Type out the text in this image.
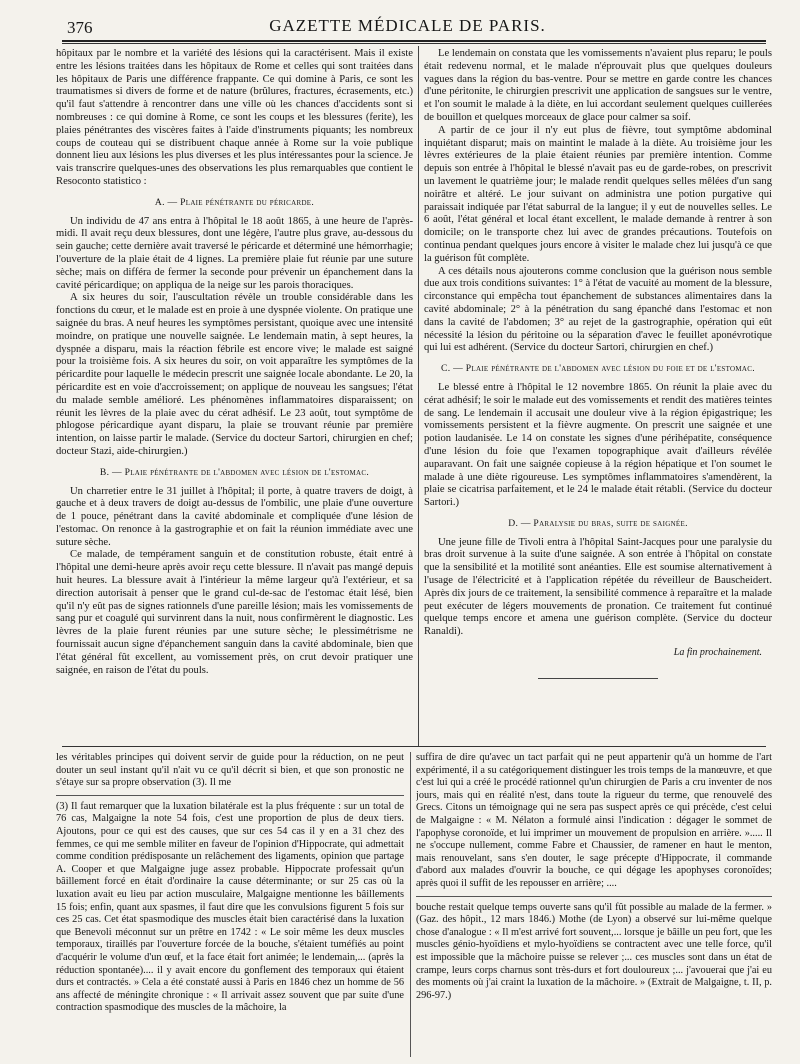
376	GAZETTE MÉDICALE DE PARIS.

hôpitaux par le nombre et la variété des lésions qui la caractérisent. Mais il existe entre les lésions traitées dans les hôpitaux de Rome et celles qui sont traitées dans les hôpitaux de Paris une différence frappante. Ce qui domine à Paris, ce sont les traumatismes si divers de forme et de nature (brûlures, fractures, écrasements, etc.) qu'il faut s'attendre à rencontrer dans une ville où les chances d'accidents sont si nombreuses : ce qui domine à Rome, ce sont les coups et les blessures (ferite), les plaies pénétrantes des viscères faites à l'aide d'instruments piquants; les nombreux coups de couteau qui se distribuent chaque année à Rome sur la voie publique donnent lieu aux lésions les plus diverses et les plus intéressantes pour la science. Je vais transcrire quelques-unes des observations les plus remarquables que contient le Resoconto statistico :

A. — Plaie pénétrante du péricarde.

Un individu de 47 ans entra à l'hôpital le 18 août 1865, à une heure de l'après-midi. Il avait reçu deux blessures, dont une légère, l'autre plus grave, au-dessous du sein gauche; cette dernière avait traversé le péricarde et déterminé une hémorrhagie; l'ouverture de la plaie était de 4 lignes. La première plaie fut réunie par une suture sèche; mais on différa de fermer la seconde pour prévenir un épanchement dans la cavité péricardique; on appliqua de la neige sur les parois thoraciques.

A six heures du soir, l'auscultation révèle un trouble considérable dans les fonctions du cœur, et le malade est en proie à une dyspnée violente. On pratique une saignée du bras. A neuf heures les symptômes persistant, quoique avec une intensité moindre, on pratique une nouvelle saignée. Le lendemain matin, à sept heures, la dyspnée a disparu, mais la réaction fébrile est encore vive; le malade est saigné pour la troisième fois. A six heures du soir, on voit apparaître les symptômes de la péricardite pour laquelle le médecin prescrit une saignée locale abondante. Le 20, la péricardite est en voie d'accroissement; on applique de nouveau les sangsues; l'état du malade semble amélioré. Les phénomènes inflammatoires disparaissent; on réunit les lèvres de la plaie avec du cérat adhésif. Le 23 août, tout symptôme de phlogose péricardique ayant disparu, la plaie se trouvant réunie par première intention, on laisse partir le malade. (Service du docteur Sartori, chirurgien en chef; docteur Stazi, aide-chirurgien.)

B. — Plaie pénétrante de l'abdomen avec lésion de l'estomac.

Un charretier entre le 31 juillet à l'hôpital; il porte, à quatre travers de doigt, à gauche et à deux travers de doigt au-dessus de l'ombilic, une plaie d'une ouverture de 1 pouce, pénétrant dans la cavité abdominale et compliquée d'une lésion de l'estomac. On renonce à la gastrographie et on fait la réunion immédiate avec une suture sèche.

Ce malade, de tempérament sanguin et de constitution robuste, était entré à l'hôpital une demi-heure après avoir reçu cette blessure. Il n'avait pas mangé depuis huit heures. La blessure avait à l'intérieur la même largeur qu'à l'extérieur, et sa direction autorisait à penser que le grand cul-de-sac de l'estomac était lésé, bien qu'il n'y eût pas de signes rationnels d'une pareille lésion; mais les vomissements de sang pur et coagulé qui survinrent dans la nuit, nous confirmèrent le diagnostic. Les lèvres de la plaie furent réunies par une suture sèche; le plessimétrisme ne fournissait aucun signe d'épanchement sanguin dans la cavité abdominale, bien que l'état général fût excellent, au vomissement près, on crut devoir pratiquer une saignée, en raison de l'état du pouls.

Le lendemain on constata que les vomissements n'avaient plus reparu; le pouls était redevenu normal, et le malade n'éprouvait plus que quelques douleurs vagues dans la région du bas-ventre. Pour se mettre en garde contre les chances d'une péritonite, le chirurgien prescrivit une application de sangsues sur le ventre, et l'on soumit le malade à la diète, en lui accordant seulement quelques cuillerées de bouillon et quelques morceaux de glace pour calmer sa soif.

A partir de ce jour il n'y eut plus de fièvre, tout symptôme abdominal inquiétant disparut; mais on maintint le malade à la diète. Au troisième jour les lèvres extérieures de la plaie étaient réunies par première intention. Comme depuis son entrée à l'hôpital le blessé n'avait pas eu de garde-robes, on prescrivit un lavement le quatrième jour; le malade rendit quelques selles mêlées d'un sang noirâtre et altéré. Le jour suivant on administra une potion purgative qui paraissait indiquée par l'état saburral de la langue; il y eut de nouvelles selles. Le 6 août, l'état général et local étant excellent, le malade demande à rentrer à son domicile; on le transporte chez lui avec de grandes précautions. Toutefois on continua pendant quelques jours encore à visiter le malade chez lui jusqu'à ce que la guérison fût complète.

A ces détails nous ajouterons comme conclusion que la guérison nous semble due aux trois conditions suivantes: 1° à l'état de vacuité au moment de la blessure, circonstance qui empêcha tout épanchement de substances alimentaires dans la cavité abdominale; 2° à la pénétration du sang épanché dans l'estomac et non dans la cavité de l'abdomen; 3° au rejet de la gastrographie, opération qui eût nécessité la lésion du péritoine ou la séparation d'avec le feuillet aponévrotique qui lui est adhérent. (Service du docteur Sartori, chirurgien en chef.)

C. — Plaie pénétrante de l'abdomen avec lésion du foie et de l'estomac.

Le blessé entre à l'hôpital le 12 novembre 1865. On réunit la plaie avec du cérat adhésif; le soir le malade eut des vomissements et rendit des matières teintes de sang. Le lendemain il accusait une douleur vive à la région épigastrique; les vomissements persistent et la fièvre augmente. On prescrit une saignée et une potion laudanisée. Le 14 on constate les signes d'une périhépatite, conséquence d'une lésion du foie que l'examen topographique avait d'ailleurs révélée auparavant. On fait une saignée copieuse à la région hépatique et l'on soumet le malade à une diète rigoureuse. Les symptômes inflammatoires s'amendèrent, la plaie se cicatrisa parfaitement, et le 24 le malade était rétabli. (Service du docteur Sartori.)

D. — Paralysie du bras, suite de saignée.

Une jeune fille de Tivoli entra à l'hôpital Saint-Jacques pour une paralysie du bras droit survenue à la suite d'une saignée. A son entrée à l'hôpital on constate que la sensibilité et la motilité sont anéanties. Elle est soumise alternativement à l'usage de l'électricité et à l'application répétée du réveilleur de Bauscheidert. Après dix jours de ce traitement, la sensibilité commence à reparaître et la malade peut exécuter de légers mouvements de pronation. Ce traitement fut continué quelque temps encore et amena une guérison complète. (Service du docteur Ranaldi).

La fin prochainement.

les véritables principes qui doivent servir de guide pour la réduction, on ne peut douter un seul instant qu'il n'ait vu ce qu'il décrit si bien, et que son pronostic ne s'étaye sur sa propre observation (3). Il me

(3) Il faut remarquer que la luxation bilatérale est la plus fréquente : sur un total de 76 cas, Malgaigne la note 54 fois, c'est une proportion de plus de deux tiers. Ajoutons, pour ce qui est des causes, que sur ces 54 cas il y en a 31 chez des femmes, ce qui me semble militer en faveur de l'opinion d'Hippocrate, qui admettait comme condition prédisposante un relâchement des ligaments, opinion que partage A. Cooper et que Malgaigne juge assez probable. Hippocrate professait qu'un bâillement forcé en était d'ordinaire la cause déterminante; or sur 25 cas où la luxation avait eu lieu par action musculaire, Malgaigne mentionne les bâillements 15 fois; enfin, quant aux spasmes, il faut dire que les convulsions figurent 5 fois sur ces 25 cas. Cet état spasmodique des muscles était bien caractérisé dans la luxation que Benevoli méconnut sur un prêtre en 1742 : « Le soir même les deux muscles temporaux, tiraillés par l'ouverture forcée de la bouche, s'étaient tuméfiés au point d'acquérir le volume d'un œuf, et la face était fort animée; le lendemain,... (après la réduction spontanée).... il y avait encore du gonflement des temporaux qui étaient durs et contractés. » Cela a été constaté aussi à Paris en 1846 chez un homme de 56 ans affecté de méningite chronique : « Il arrivait assez souvent que par suite d'une contraction spasmodique des muscles de la mâchoire, la

suffira de dire qu'avec un tact parfait qui ne peut appartenir qu'à un homme de l'art expérimenté, il a su catégoriquement distinguer les trois temps de la manœuvre, et que c'est lui qui a créé le procédé rationnel qu'un chirurgien de Paris a cru inventer de nos jours, mais qui en réalité n'est, dans toute la rigueur du terme, que renouvelé des Grecs. Citons un témoignage qui ne sera pas suspect après ce qui précède, c'est celui de Malgaigne : « M. Nélaton a formulé ainsi l'indication : dégager le sommet de l'apophyse coronoïde, et lui imprimer un mouvement de propulsion en arrière. »..... Il ne s'occupe nullement, comme Fabre et Chaussier, de ramener en haut le menton, mais renouvelant, sans s'en douter, le sage précepte d'Hippocrate, il commande d'abord aux malades d'ouvrir la bouche, ce qui dégage les apophyses coronoïdes; après quoi il suffit de les repousser en arrière; ....

bouche restait quelque temps ouverte sans qu'il fût possible au malade de la fermer. » (Gaz. des hôpit., 12 mars 1846.) Mothe (de Lyon) a observé sur lui-même quelque chose d'analogue : « Il m'est arrivé fort souvent,... lorsque je bâille un peu fort, que les muscles génio-hyoïdiens et mylo-hyoïdiens se contractent avec une telle force, qu'il est impossible que la mâchoire puisse se relever ;... ces muscles sont dans un état de crampe, leurs corps charnus sont très-durs et fort douloureux ;... j'avouerai que j'ai eu des moments où j'ai craint la luxation de la mâchoire. » (Extrait de Malgaigne, t. II, p. 296-97.)
